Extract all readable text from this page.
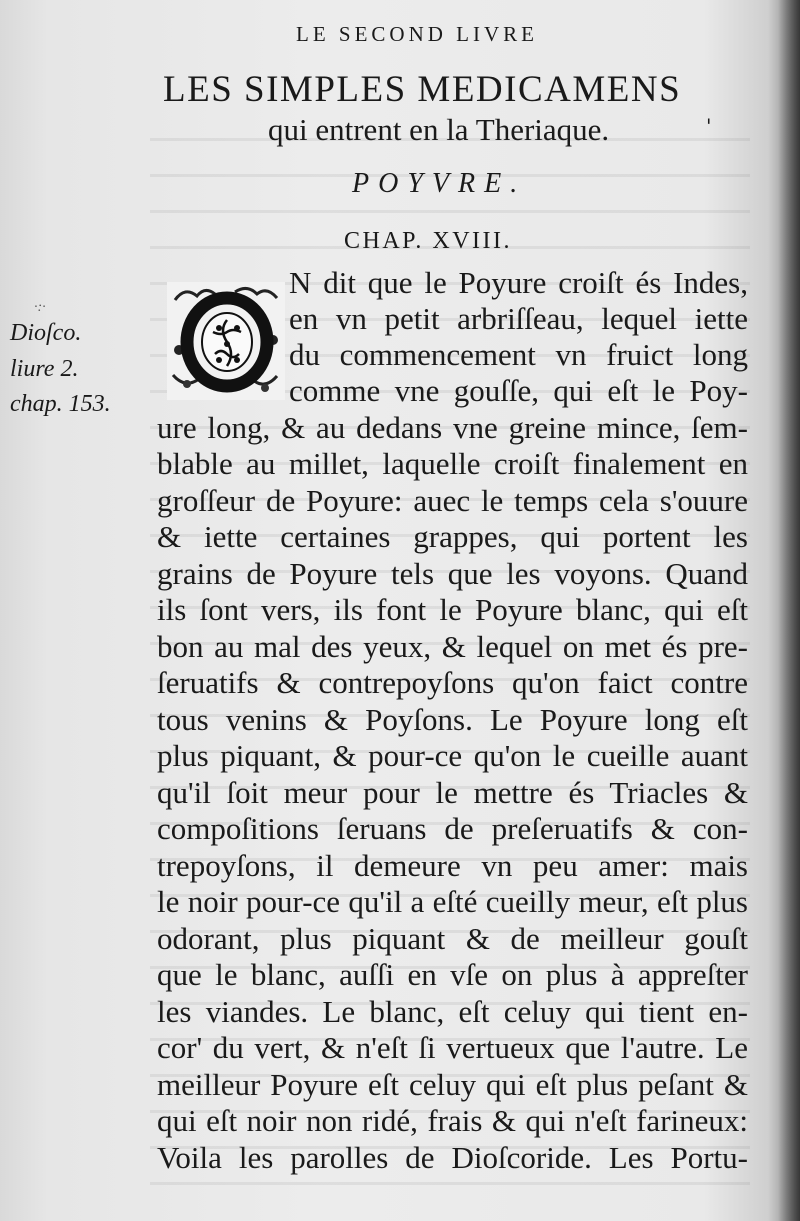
LE SECOND LIVRE
LES SIMPLES MEDICAMENS
qui entrent en la Theriaque.	'
POYVRE.
CHAP. XVIII.
·:·
Dioſco.
liure 2.
chap. 153.
N dit que le Poyure croiſt és Indes,
en vn petit arbriſſeau, lequel iette
du commencement vn fruict long
comme vne gouſſe, qui eſt le Poy-
ure long, & au dedans vne greine mince, ſem-
blable au millet, laquelle croiſt finalement en
groſſeur de Poyure: auec le temps cela s'ouure
& iette certaines grappes, qui portent les
grains de Poyure tels que les voyons. Quand
ils ſont vers, ils font le Poyure blanc, qui eſt
bon au mal des yeux, & lequel on met és pre-
ſeruatifs & contrepoyſons qu'on faict contre
tous venins & Poyſons. Le Poyure long eſt
plus piquant, & pour-ce qu'on le cueille auant
qu'il ſoit meur pour le mettre és Triacles &
compoſitions ſeruans de preſeruatifs & con-
trepoyſons, il demeure vn peu amer: mais
le noir pour-ce qu'il a eſté cueilly meur, eſt plus
odorant, plus piquant & de meilleur gouſt
que le blanc, auſſi en vſe on plus à appreſter
les viandes. Le blanc, eſt celuy qui tient en-
cor' du vert, & n'eſt ſi vertueux que l'autre. Le
meilleur Poyure eſt celuy qui eſt plus peſant &
qui eſt noir non ridé, frais & qui n'eſt farineux:
Voila les parolles de Dioſcoride. Les Portu-
